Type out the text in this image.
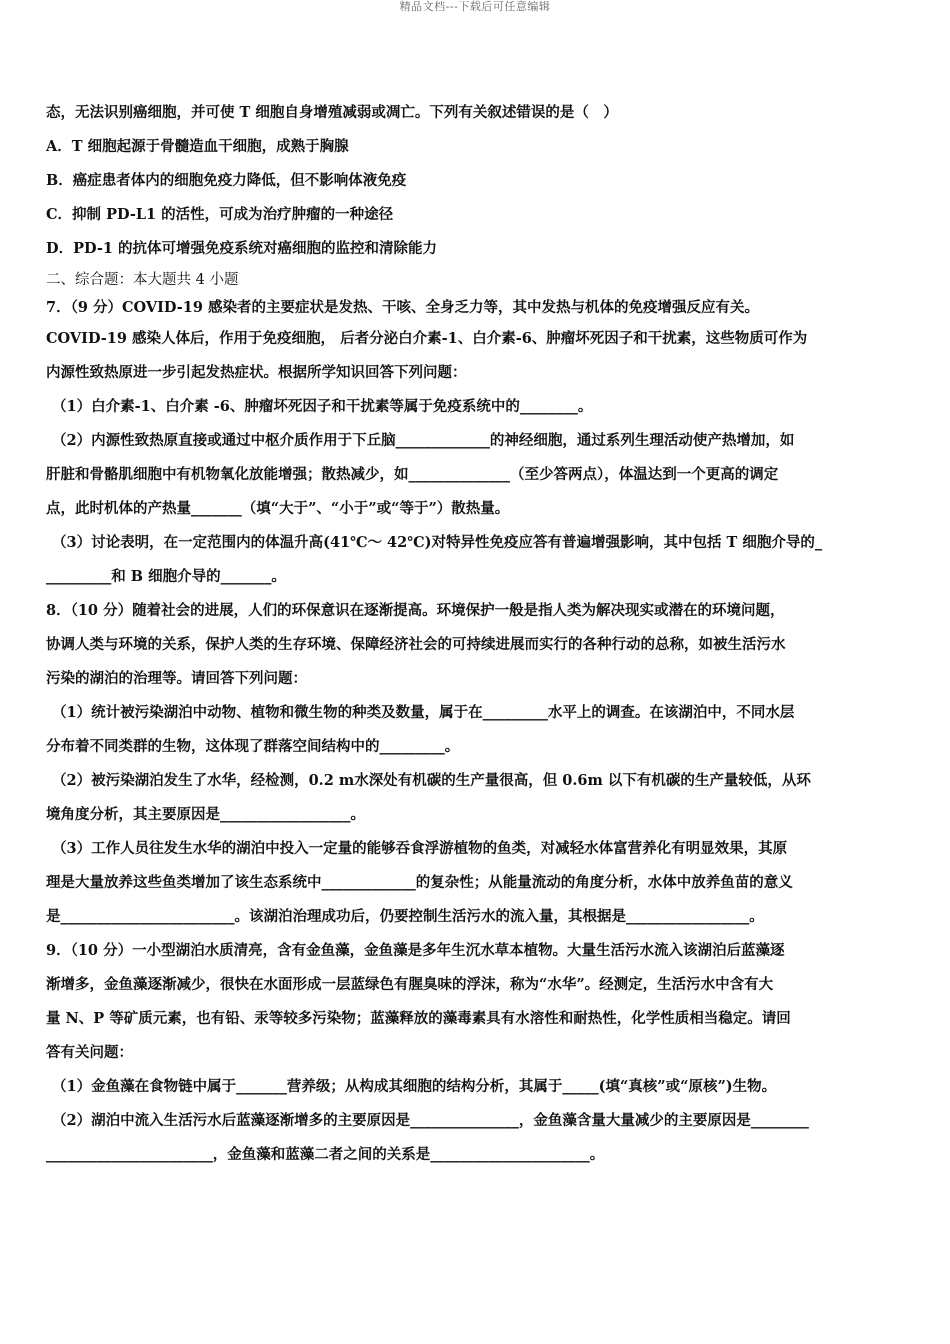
精品文档---下载后可任意编辑
态，无法识别癌细胞，并可使 T 细胞自身增殖减弱或凋亡。下列有关叙述错误的是（　）
A．T 细胞起源于骨髓造血干细胞，成熟于胸腺
B．癌症患者体内的细胞免疫力降低，但不影响体液免疫
C．抑制 PD-L1 的活性，可成为治疗肿瘤的一种途径
D．PD-1 的抗体可增强免疫系统对癌细胞的监控和清除能力
二、综合题：本大题共 4 小题
7．（9 分）COVID-19 感染者的主要症状是发热、干咳、全身乏力等，其中发热与机体的免疫增强反应有关。
COVID-19 感染人体后，作用于免疫细胞， 后者分泌白介素-1、白介素-6、肿瘤坏死因子和干扰素，这些物质可作为
内源性致热原进一步引起发热症状。根据所学知识回答下列问题：
（1）白介素-1、白介素 -6、肿瘤坏死因子和干扰素等属于免疫系统中的________。
（2）内源性致热原直接或通过中枢介质作用于下丘脑_____________的神经细胞，通过系列生理活动使产热增加，如
肝脏和骨骼肌细胞中有机物氧化放能增强；散热减少，如______________（至少答两点），体温达到一个更高的调定
点，此时机体的产热量_______（填“大于”、“小于”或“等于”）散热量。
（3）讨论表明，在一定范围内的体温升高(41℃～ 42℃)对特异性免疫应答有普遍增强影响，其中包括 T 细胞介导的_
_________和 B 细胞介导的_______。
8．（10 分）随着社会的进展，人们的环保意识在逐渐提高。环境保护一般是指人类为解决现实或潜在的环境问题，
协调人类与环境的关系，保护人类的生存环境、保障经济社会的可持续进展而实行的各种行动的总称，如被生活污水
污染的湖泊的治理等。请回答下列问题：
（1）统计被污染湖泊中动物、植物和微生物的种类及数量，属于在_________水平上的调查。在该湖泊中，不同水层
分布着不同类群的生物，这体现了群落空间结构中的_________。
（2）被污染湖泊发生了水华，经检测，0.2 m水深处有机碳的生产量很高，但 0.6m 以下有机碳的生产量较低，从环
境角度分析，其主要原因是__________________。
（3）工作人员往发生水华的湖泊中投入一定量的能够吞食浮游植物的鱼类，对减轻水体富营养化有明显效果，其原
理是大量放养这些鱼类增加了该生态系统中_____________的复杂性；从能量流动的角度分析，水体中放养鱼苗的意义
是________________________。该湖泊治理成功后，仍要控制生活污水的流入量，其根据是_________________。
9．（10 分）一小型湖泊水质清亮，含有金鱼藻，金鱼藻是多年生沉水草本植物。大量生活污水流入该湖泊后蓝藻逐
渐增多，金鱼藻逐渐减少，很快在水面形成一层蓝绿色有腥臭味的浮沫，称为“水华”。经测定，生活污水中含有大
量 N、P 等矿质元素，也有铅、汞等较多污染物；蓝藻释放的藻毒素具有水溶性和耐热性，化学性质相当稳定。请回
答有关问题：
（1）金鱼藻在食物链中属于_______营养级；从构成其细胞的结构分析，其属于_____(填“真核”或“原核”)生物。
（2）湖泊中流入生活污水后蓝藻逐渐增多的主要原因是_______________，金鱼藻含量大量减少的主要原因是________
_______________________，金鱼藻和蓝藻二者之间的关系是______________________。
